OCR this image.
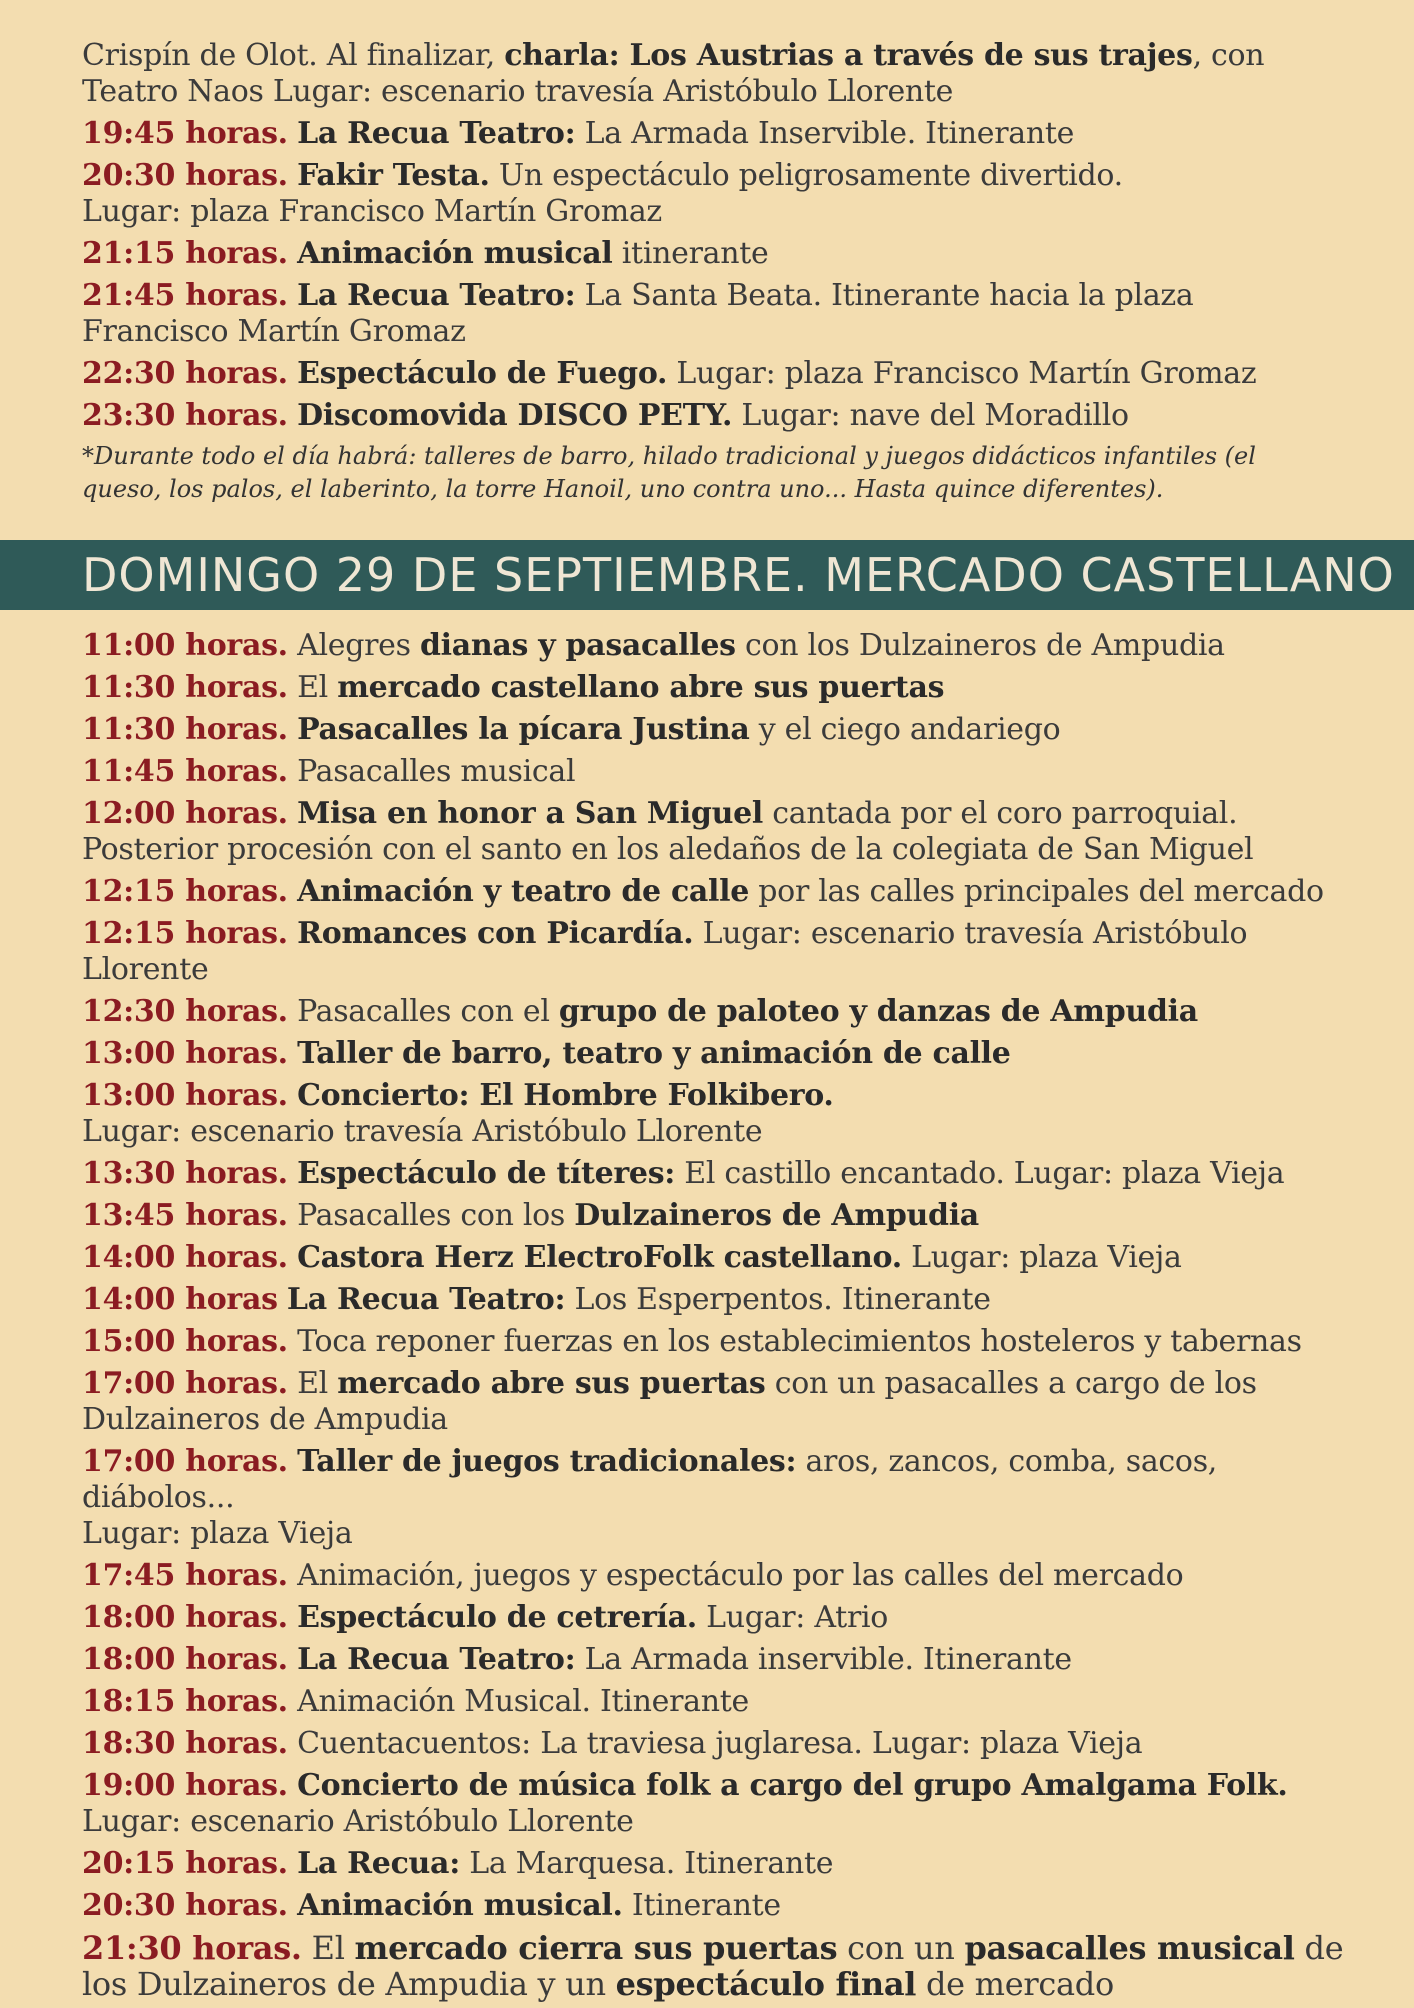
Crispín de Olot. Al finalizar, charla: Los Austrias a través de sus trajes, con Teatro Naos Lugar: escenario travesía Aristóbulo Llorente
19:45 horas. La Recua Teatro: La Armada Inservible. Itinerante
20:30 horas. Fakir Testa. Un espectáculo peligrosamente divertido.
Lugar: plaza Francisco Martín Gromaz
21:15 horas. Animación musical itinerante
21:45 horas. La Recua Teatro: La Santa Beata. Itinerante hacia la plaza Francisco Martín Gromaz
22:30 horas. Espectáculo de Fuego. Lugar: plaza Francisco Martín Gromaz
23:30 horas. Discomovida DISCO PETY. Lugar: nave del Moradillo
*Durante todo el día habrá: talleres de barro, hilado tradicional y juegos didácticos infantiles (el queso, los palos, el laberinto, la torre Hanoil, uno contra uno... Hasta quince diferentes).
DOMINGO 29 DE SEPTIEMBRE. MERCADO CASTELLANO
11:00 horas. Alegres dianas y pasacalles con los Dulzaineros de Ampudia
11:30 horas. El mercado castellano abre sus puertas
11:30 horas. Pasacalles la pícara Justina y el ciego andariego
11:45 horas. Pasacalles musical
12:00 horas. Misa en honor a San Miguel cantada por el coro parroquial. Posterior procesión con el santo en los aledaños de la colegiata de San Miguel
12:15 horas. Animación y teatro de calle por las calles principales del mercado
12:15 horas. Romances con Picardía. Lugar: escenario travesía Aristóbulo Llorente
12:30 horas. Pasacalles con el grupo de paloteo y danzas de Ampudia
13:00 horas. Taller de barro, teatro y animación de calle
13:00 horas. Concierto: El Hombre Folkibero.
Lugar: escenario travesía Aristóbulo Llorente
13:30 horas. Espectáculo de títeres: El castillo encantado. Lugar: plaza Vieja
13:45 horas. Pasacalles con los Dulzaineros de Ampudia
14:00 horas. Castora Herz ElectroFolk castellano. Lugar: plaza Vieja
14:00 horas La Recua Teatro: Los Esperpentos. Itinerante
15:00 horas. Toca reponer fuerzas en los establecimientos hosteleros y tabernas
17:00 horas. El mercado abre sus puertas con un pasacalles a cargo de los Dulzaineros de Ampudia
17:00 horas. Taller de juegos tradicionales: aros, zancos, comba, sacos, diábolos...
Lugar: plaza Vieja
17:45 horas. Animación, juegos y espectáculo por las calles del mercado
18:00 horas. Espectáculo de cetrería. Lugar: Atrio
18:00 horas. La Recua Teatro: La Armada inservible. Itinerante
18:15 horas. Animación Musical. Itinerante
18:30 horas. Cuentacuentos: La traviesa juglaresa. Lugar: plaza Vieja
19:00 horas. Concierto de música folk a cargo del grupo Amalgama Folk.
Lugar: escenario Aristóbulo Llorente
20:15 horas. La Recua: La Marquesa. Itinerante
20:30 horas. Animación musical. Itinerante
21:30 horas. El mercado cierra sus puertas con un pasacalles musical de los Dulzaineros de Ampudia y un espectáculo final de mercado
